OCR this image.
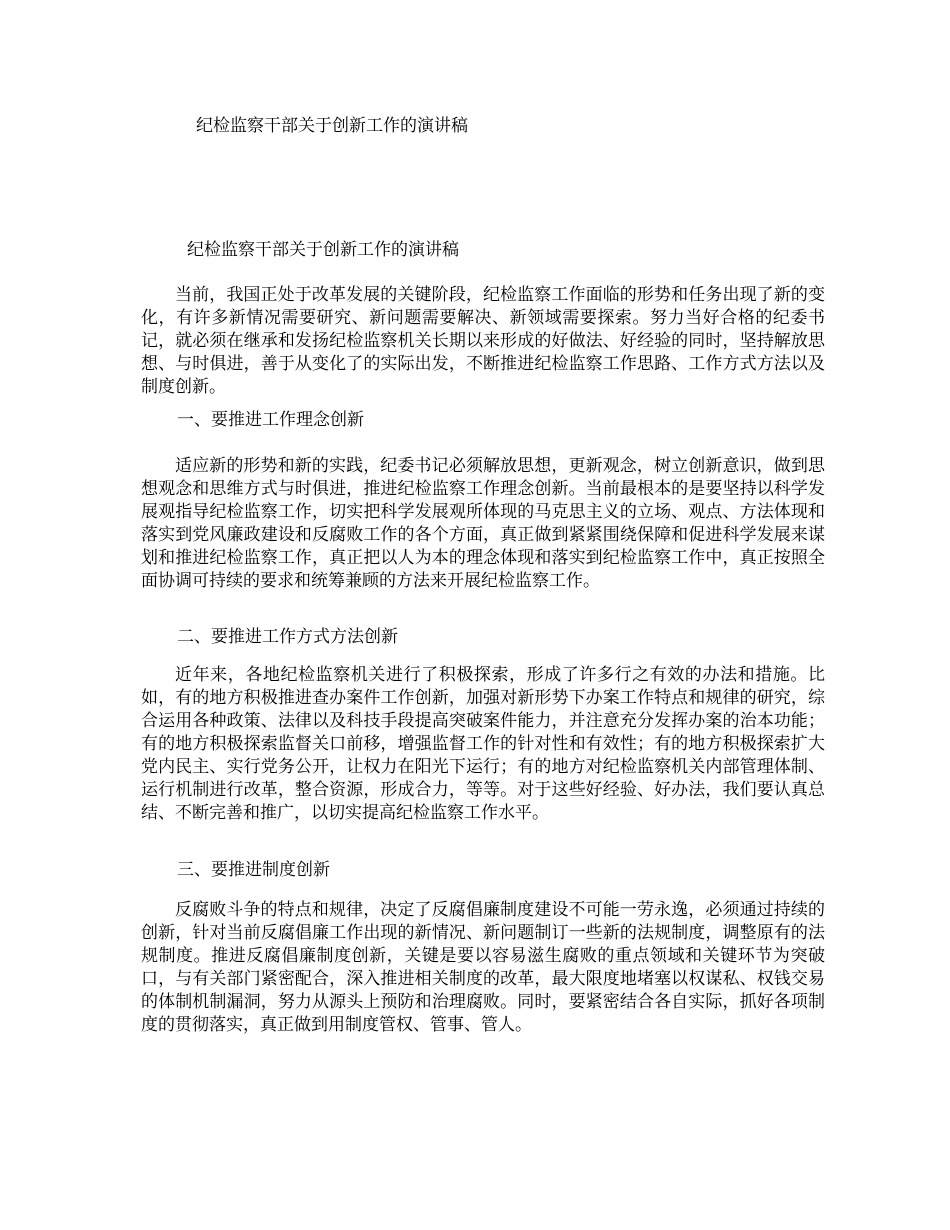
纪检监察干部关于创新工作的演讲稿
纪检监察干部关于创新工作的演讲稿

当前，我国正处于改革发展的关键阶段，纪检监察工作面临的形势和任务出现了新的变化，有许多新情况需要研究、新问题需要解决、新领域需要探索。努力当好合格的纪委书记，就必须在继承和发扬纪检监察机关长期以来形成的好做法、好经验的同时，坚持解放思想、与时俱进，善于从变化了的实际出发，不断推进纪检监察工作思路、工作方式方法以及制度创新。

一、要推进工作理念创新

适应新的形势和新的实践，纪委书记必须解放思想，更新观念，树立创新意识，做到思想观念和思维方式与时俱进，推进纪检监察工作理念创新。当前最根本的是要坚持以科学发展观指导纪检监察工作，切实把科学发展观所体现的马克思主义的立场、观点、方法体现和落实到党风廉政建设和反腐败工作的各个方面，真正做到紧紧围绕保障和促进科学发展来谋划和推进纪检监察工作，真正把以人为本的理念体现和落实到纪检监察工作中，真正按照全面协调可持续的要求和统筹兼顾的方法来开展纪检监察工作。

二、要推进工作方式方法创新

近年来，各地纪检监察机关进行了积极探索，形成了许多行之有效的办法和措施。比如，有的地方积极推进查办案件工作创新，加强对新形势下办案工作特点和规律的研究，综合运用各种政策、法律以及科技手段提高突破案件能力，并注意充分发挥办案的治本功能；有的地方积极探索监督关口前移，增强监督工作的针对性和有效性；有的地方积极探索扩大党内民主、实行党务公开，让权力在阳光下运行；有的地方对纪检监察机关内部管理体制、运行机制进行改革，整合资源，形成合力，等等。对于这些好经验、好办法，我们要认真总结、不断完善和推广，以切实提高纪检监察工作水平。

三、要推进制度创新

反腐败斗争的特点和规律，决定了反腐倡廉制度建设不可能一劳永逸，必须通过持续的创新，针对当前反腐倡廉工作出现的新情况、新问题制订一些新的法规制度，调整原有的法规制度。推进反腐倡廉制度创新，关键是要以容易滋生腐败的重点领域和关键环节为突破口，与有关部门紧密配合，深入推进相关制度的改革，最大限度地堵塞以权谋私、权钱交易的体制机制漏洞，努力从源头上预防和治理腐败。同时，要紧密结合各自实际，抓好各项制度的贯彻落实，真正做到用制度管权、管事、管人。
